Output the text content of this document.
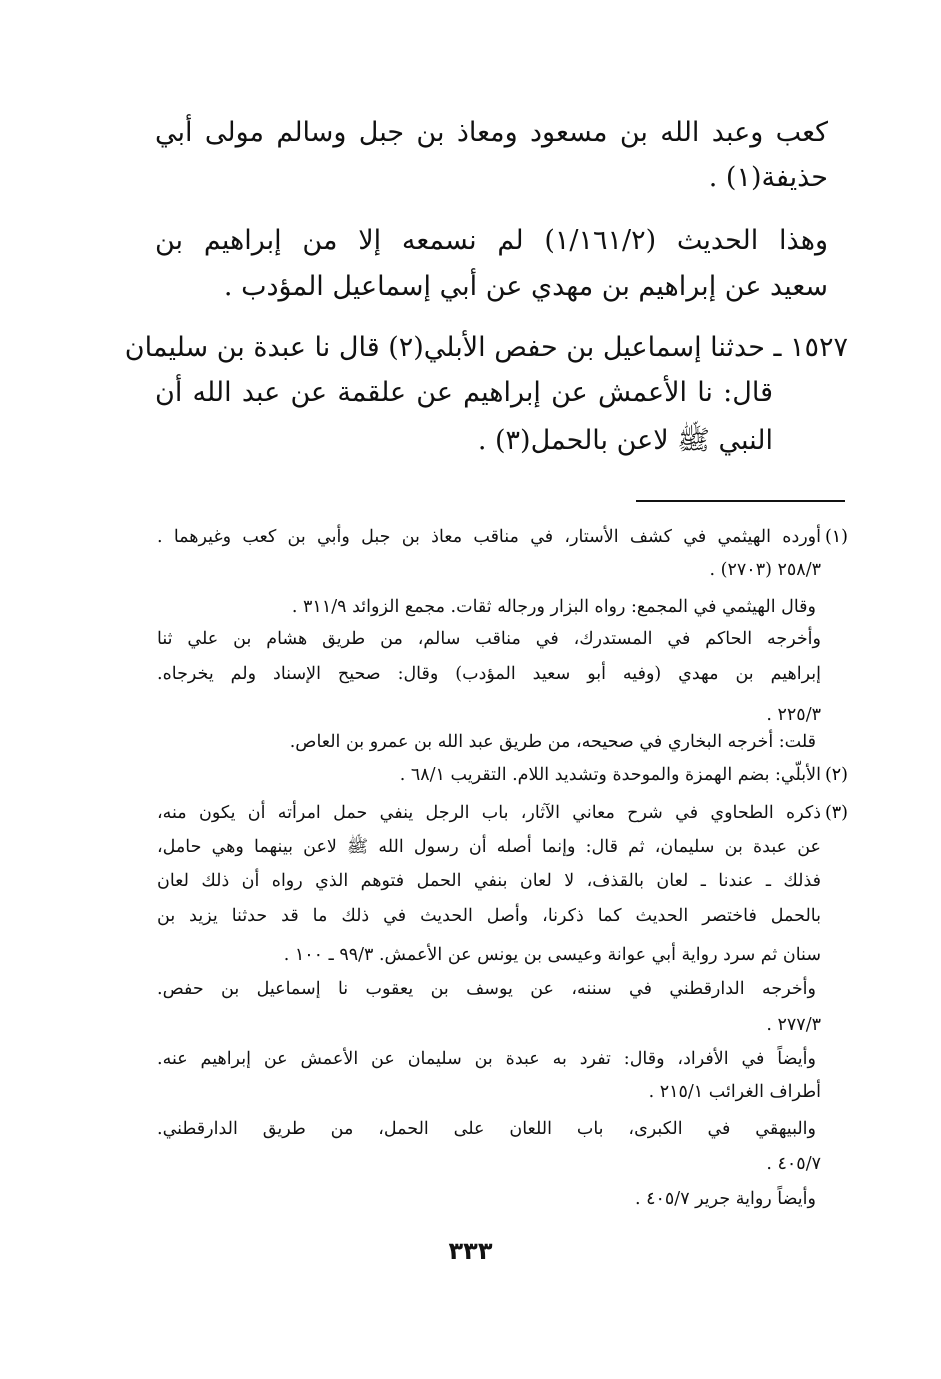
كعب وعبد الله بن مسعود ومعاذ بن جبل وسالم مولى أبي
حذيفة(١) .
وهذا الحديث (١/١٦١/٢) لم نسمعه إلا من إبراهيم بن
سعيد عن إبراهيم بن مهدي عن أبي إسماعيل المؤدب .
١٥٢٧ ـ حدثنا إسماعيل بن حفص الأبلي(٢) قال نا عبدة بن سليمان
قال: نا الأعمش عن إبراهيم عن علقمة عن عبد الله أن
النبي ﷺ لاعن بالحمل(٣) .
(١)
أورده الهيثمي في كشف الأستار، في مناقب معاذ بن جبل وأبي بن كعب وغيرهما .
٢٥٨/٣ (٢٧٠٣) .
وقال الهيثمي في المجمع: رواه البزار ورجاله ثقات. مجمع الزوائد ٣١١/٩ .
وأخرجه الحاكم في المستدرك، في مناقب سالم، من طريق هشام بن علي ثنا
إبراهيم بن مهدي (وفيه أبو سعيد المؤدب) وقال: صحيح الإسناد ولم يخرجاه.
٢٢٥/٣ .
قلت: أخرجه البخاري في صحيحه، من طريق عبد الله بن عمرو بن العاص.
(٢)
الأبلّي: بضم الهمزة والموحدة وتشديد اللام. التقريب ٦٨/١ .
(٣)
ذكره الطحاوي في شرح معاني الآثار، باب الرجل ينفي حمل امرأته أن يكون منه،
عن عبدة بن سليمان، ثم قال: وإنما أصله أن رسول الله ﷺ لاعن بينهما وهي حامل،
فذلك ـ عندنا ـ لعان بالقذف، لا لعان بنفي الحمل فتوهم الذي رواه أن ذلك لعان
بالحمل فاختصر الحديث كما ذكرنا، وأصل الحديث في ذلك ما قد حدثنا يزيد بن
سنان ثم سرد رواية أبي عوانة وعيسى بن يونس عن الأعمش. ٩٩/٣ ـ ١٠٠ .
وأخرجه الدارقطني في سننه، عن يوسف بن يعقوب نا إسماعيل بن حفص.
٢٧٧/٣ .
وأيضاً في الأفراد، وقال: تفرد به عبدة بن سليمان عن الأعمش عن إبراهيم عنه.
أطراف الغرائب ٢١٥/١ .
والبيهقي في الكبرى، باب اللعان على الحمل، من طريق الدارقطني.
٤٠٥/٧ .
وأيضاً رواية جرير ٤٠٥/٧ .
٣٣٣
